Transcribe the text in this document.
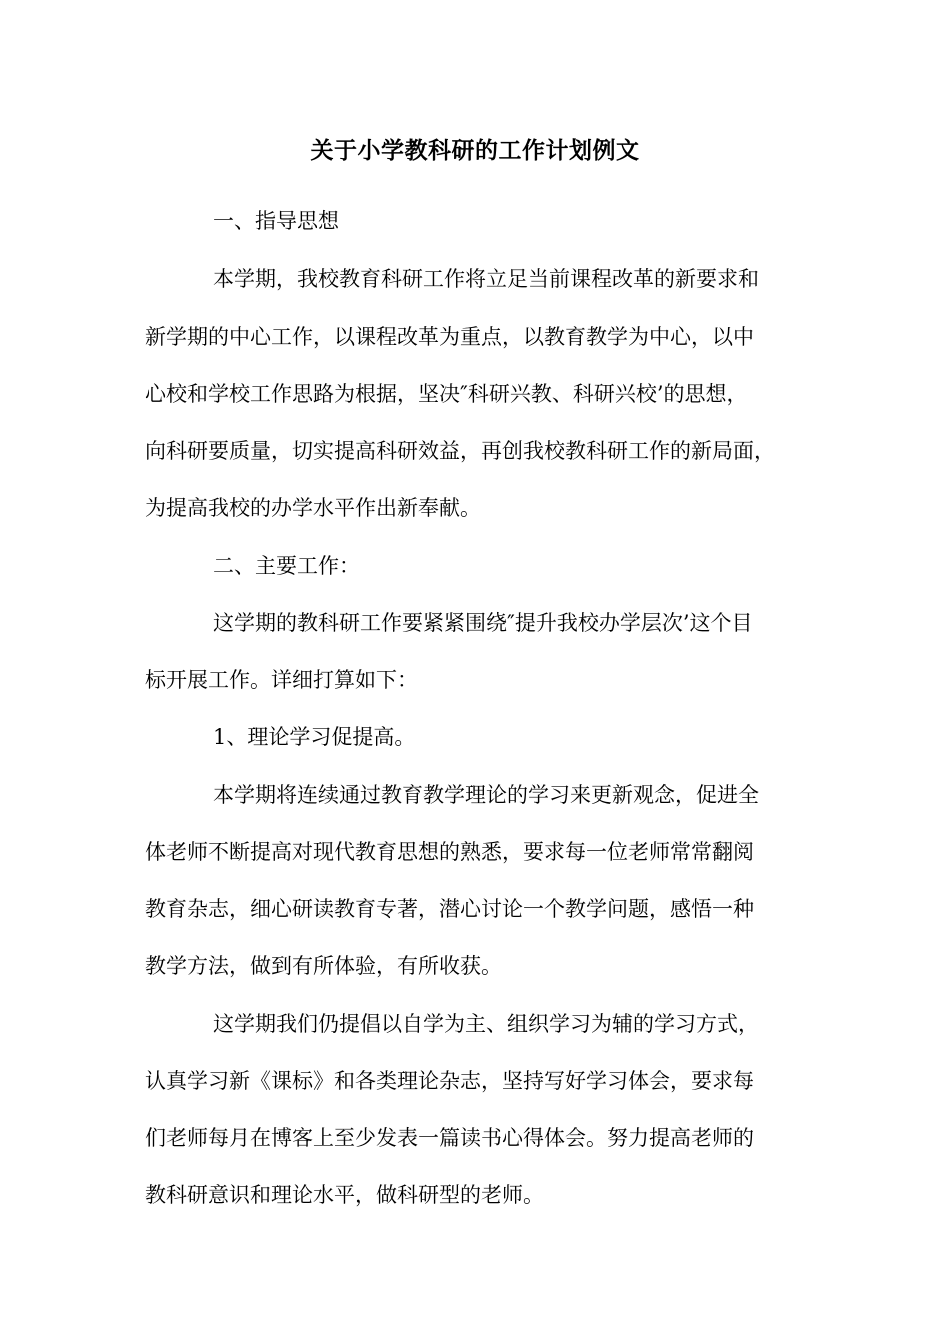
关于小学教科研的工作计划例文
一、指导思想
本学期，我校教育科研工作将立足当前课程改革的新要求和
新学期的中心工作，以课程改革为重点，以教育教学为中心，以中
心校和学校工作思路为根据，坚决″科研兴教、科研兴校’的思想，
向科研要质量，切实提高科研效益，再创我校教科研工作的新局面，
为提高我校的办学水平作出新奉献。
二、主要工作：
这学期的教科研工作要紧紧围绕″提升我校办学层次’这个目
标开展工作。详细打算如下：
1、理论学习促提高。
本学期将连续通过教育教学理论的学习来更新观念，促进全
体老师不断提高对现代教育思想的熟悉，要求每一位老师常常翻阅
教育杂志，细心研读教育专著，潜心讨论一个教学问题，感悟一种
教学方法，做到有所体验，有所收获。
这学期我们仍提倡以自学为主、组织学习为辅的学习方式，
认真学习新《课标》和各类理论杂志，坚持写好学习体会，要求每
们老师每月在博客上至少发表一篇读书心得体会。努力提高老师的
教科研意识和理论水平，做科研型的老师。
